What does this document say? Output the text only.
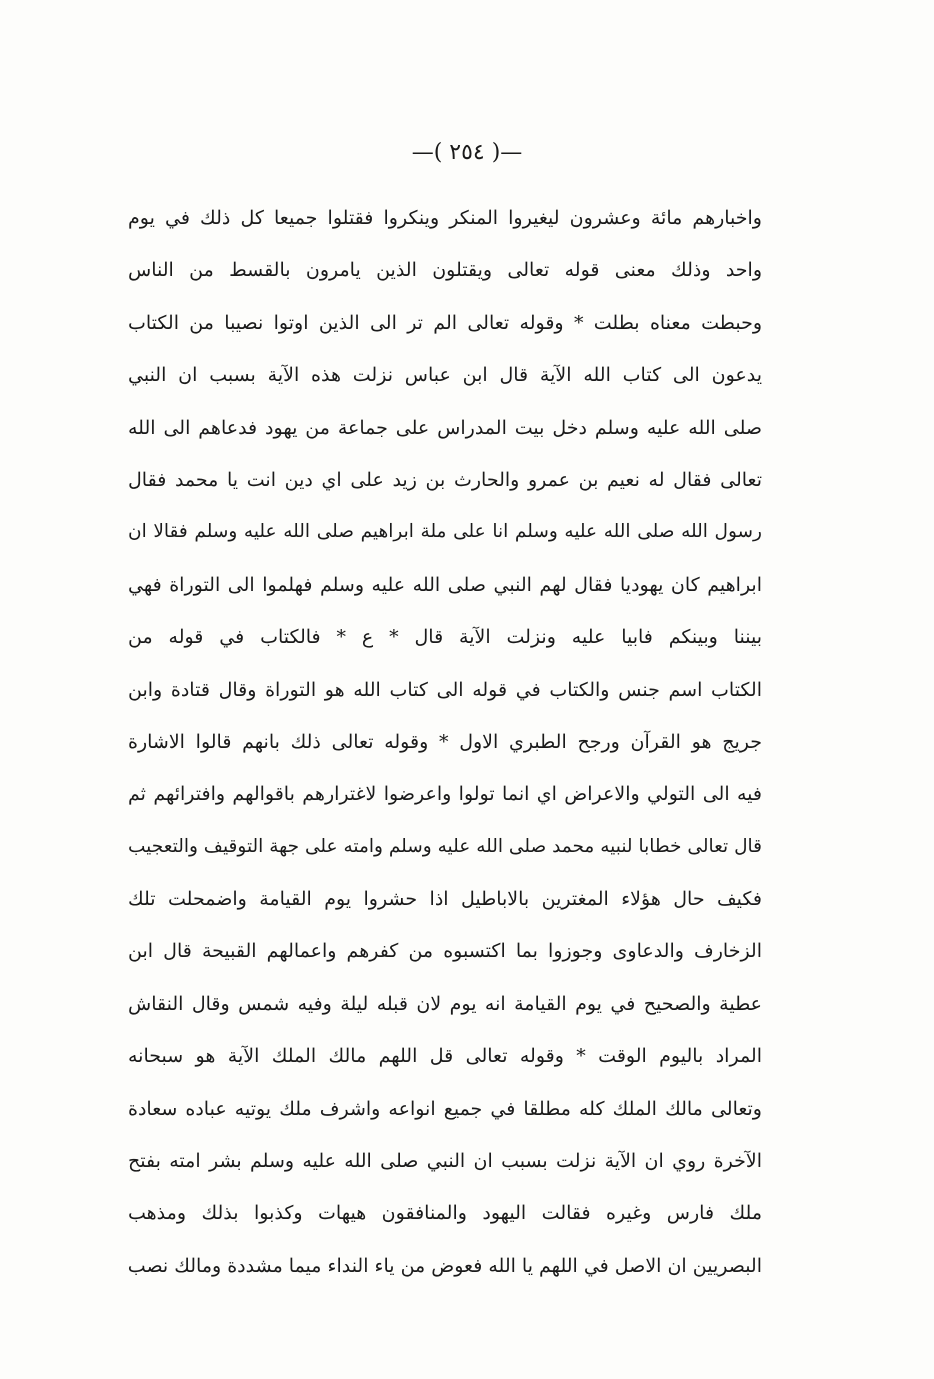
—( ٢٥٤ )—
واخبارهم مائة وعشرون ليغيروا المنكر وينكروا فقتلوا جميعا كل ذلك في يوم
واحد وذلك معنى قوله تعالى ويقتلون الذين يامرون بالقسط من الناس
وحبطت معناه بطلت * وقوله تعالى الم تر الى الذين اوتوا نصيبا من الكتاب
يدعون الى كتاب الله الآية قال ابن عباس نزلت هذه الآية بسبب ان النبي
صلى الله عليه وسلم دخل بيت المدراس على جماعة من يهود فدعاهم الى الله
تعالى فقال له نعيم بن عمرو والحارث بن زيد على اي دين انت يا محمد فقال
رسول الله صلى الله عليه وسلم انا على ملة ابراهيم صلى الله عليه وسلم فقالا ان
ابراهيم كان يهوديا فقال لهم النبي صلى الله عليه وسلم فهلموا الى التوراة فهي
بيننا وبينكم فابيا عليه ونزلت الآية قال * ع * فالكتاب في قوله من
الكتاب اسم جنس والكتاب في قوله الى كتاب الله هو التوراة وقال قتادة وابن
جريج هو القرآن ورجح الطبري الاول * وقوله تعالى ذلك بانهم قالوا الاشارة
فيه الى التولي والاعراض اي انما تولوا واعرضوا لاغترارهم باقوالهم وافترائهم ثم
قال تعالى خطابا لنبيه محمد صلى الله عليه وسلم وامته على جهة التوقيف والتعجيب
فكيف حال هؤلاء المغترين بالاباطيل اذا حشروا يوم القيامة واضمحلت تلك
الزخارف والدعاوى وجوزوا بما اكتسبوه من كفرهم واعمالهم القبيحة قال ابن
عطية والصحيح في يوم القيامة انه يوم لان قبله ليلة وفيه شمس وقال النقاش
المراد باليوم الوقت * وقوله تعالى قل اللهم مالك الملك الآية هو سبحانه
وتعالى مالك الملك كله مطلقا في جميع انواعه واشرف ملك يوتيه عباده سعادة
الآخرة روي ان الآية نزلت بسبب ان النبي صلى الله عليه وسلم بشر امته بفتح
ملك فارس وغيره فقالت اليهود والمنافقون هيهات وكذبوا بذلك ومذهب
البصريين ان الاصل في اللهم يا الله فعوض من ياء النداء ميما مشددة ومالك نصب
